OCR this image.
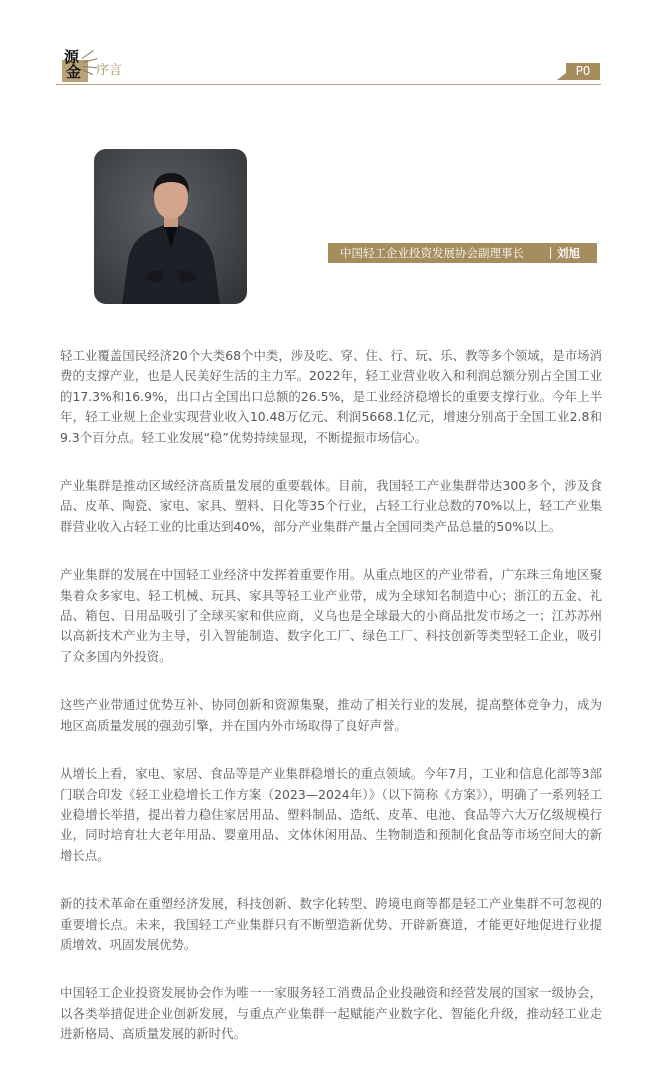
源
金 序言	P0
中国轻工企业投资发展协会副理事长	刘旭

轻工业覆盖国民经济20个大类68个中类，涉及吃、穿、住、行、玩、乐、教等多个领域，是市场消费的支撑产业，也是人民美好生活的主力军。2022年，轻工业营业收入和利润总额分别占全国工业的17.3%和16.9%，出口占全国出口总额的26.5%，是工业经济稳增长的重要支撑行业。今年上半年，轻工业规上企业实现营业收入10.48万亿元、利润5668.1亿元，增速分别高于全国工业2.8和9.3个百分点。轻工业发展“稳”优势持续显现，不断提振市场信心。

产业集群是推动区域经济高质量发展的重要载体。目前，我国轻工产业集群带达300多个，涉及食品、皮革、陶瓷、家电、家具、塑料、日化等35个行业，占轻工行业总数的70%以上，轻工产业集群营业收入占轻工业的比重达到40%，部分产业集群产量占全国同类产品总量的50%以上。

产业集群的发展在中国轻工业经济中发挥着重要作用。从重点地区的产业带看，广东珠三角地区聚集着众多家电、轻工机械、玩具、家具等轻工业产业带，成为全球知名制造中心；浙江的五金、礼品、箱包、日用品吸引了全球买家和供应商，义乌也是全球最大的小商品批发市场之一；江苏苏州以高新技术产业为主导，引入智能制造、数字化工厂、绿色工厂、科技创新等类型轻工企业，吸引了众多国内外投资。

这些产业带通过优势互补、协同创新和资源集聚，推动了相关行业的发展，提高整体竞争力，成为地区高质量发展的强劲引擎，并在国内外市场取得了良好声誉。

从增长上看，家电、家居、食品等是产业集群稳增长的重点领域。今年7月，工业和信息化部等3部门联合印发《轻工业稳增长工作方案（2023—2024年）》（以下简称《方案》），明确了一系列轻工业稳增长举措，提出着力稳住家居用品、塑料制品、造纸、皮革、电池、食品等六大万亿级规模行业，同时培育壮大老年用品、婴童用品、文体休闲用品、生物制造和预制化食品等市场空间大的新增长点。

新的技术革命在重塑经济发展，科技创新、数字化转型、跨境电商等都是轻工产业集群不可忽视的重要增长点。未来，我国轻工产业集群只有不断塑造新优势、开辟新赛道，才能更好地促进行业提质增效、巩固发展优势。

中国轻工企业投资发展协会作为唯一一家服务轻工消费品企业投融资和经营发展的国家一级协会，以各类举措促进企业创新发展，与重点产业集群一起赋能产业数字化、智能化升级，推动轻工业走进新格局、高质量发展的新时代。
